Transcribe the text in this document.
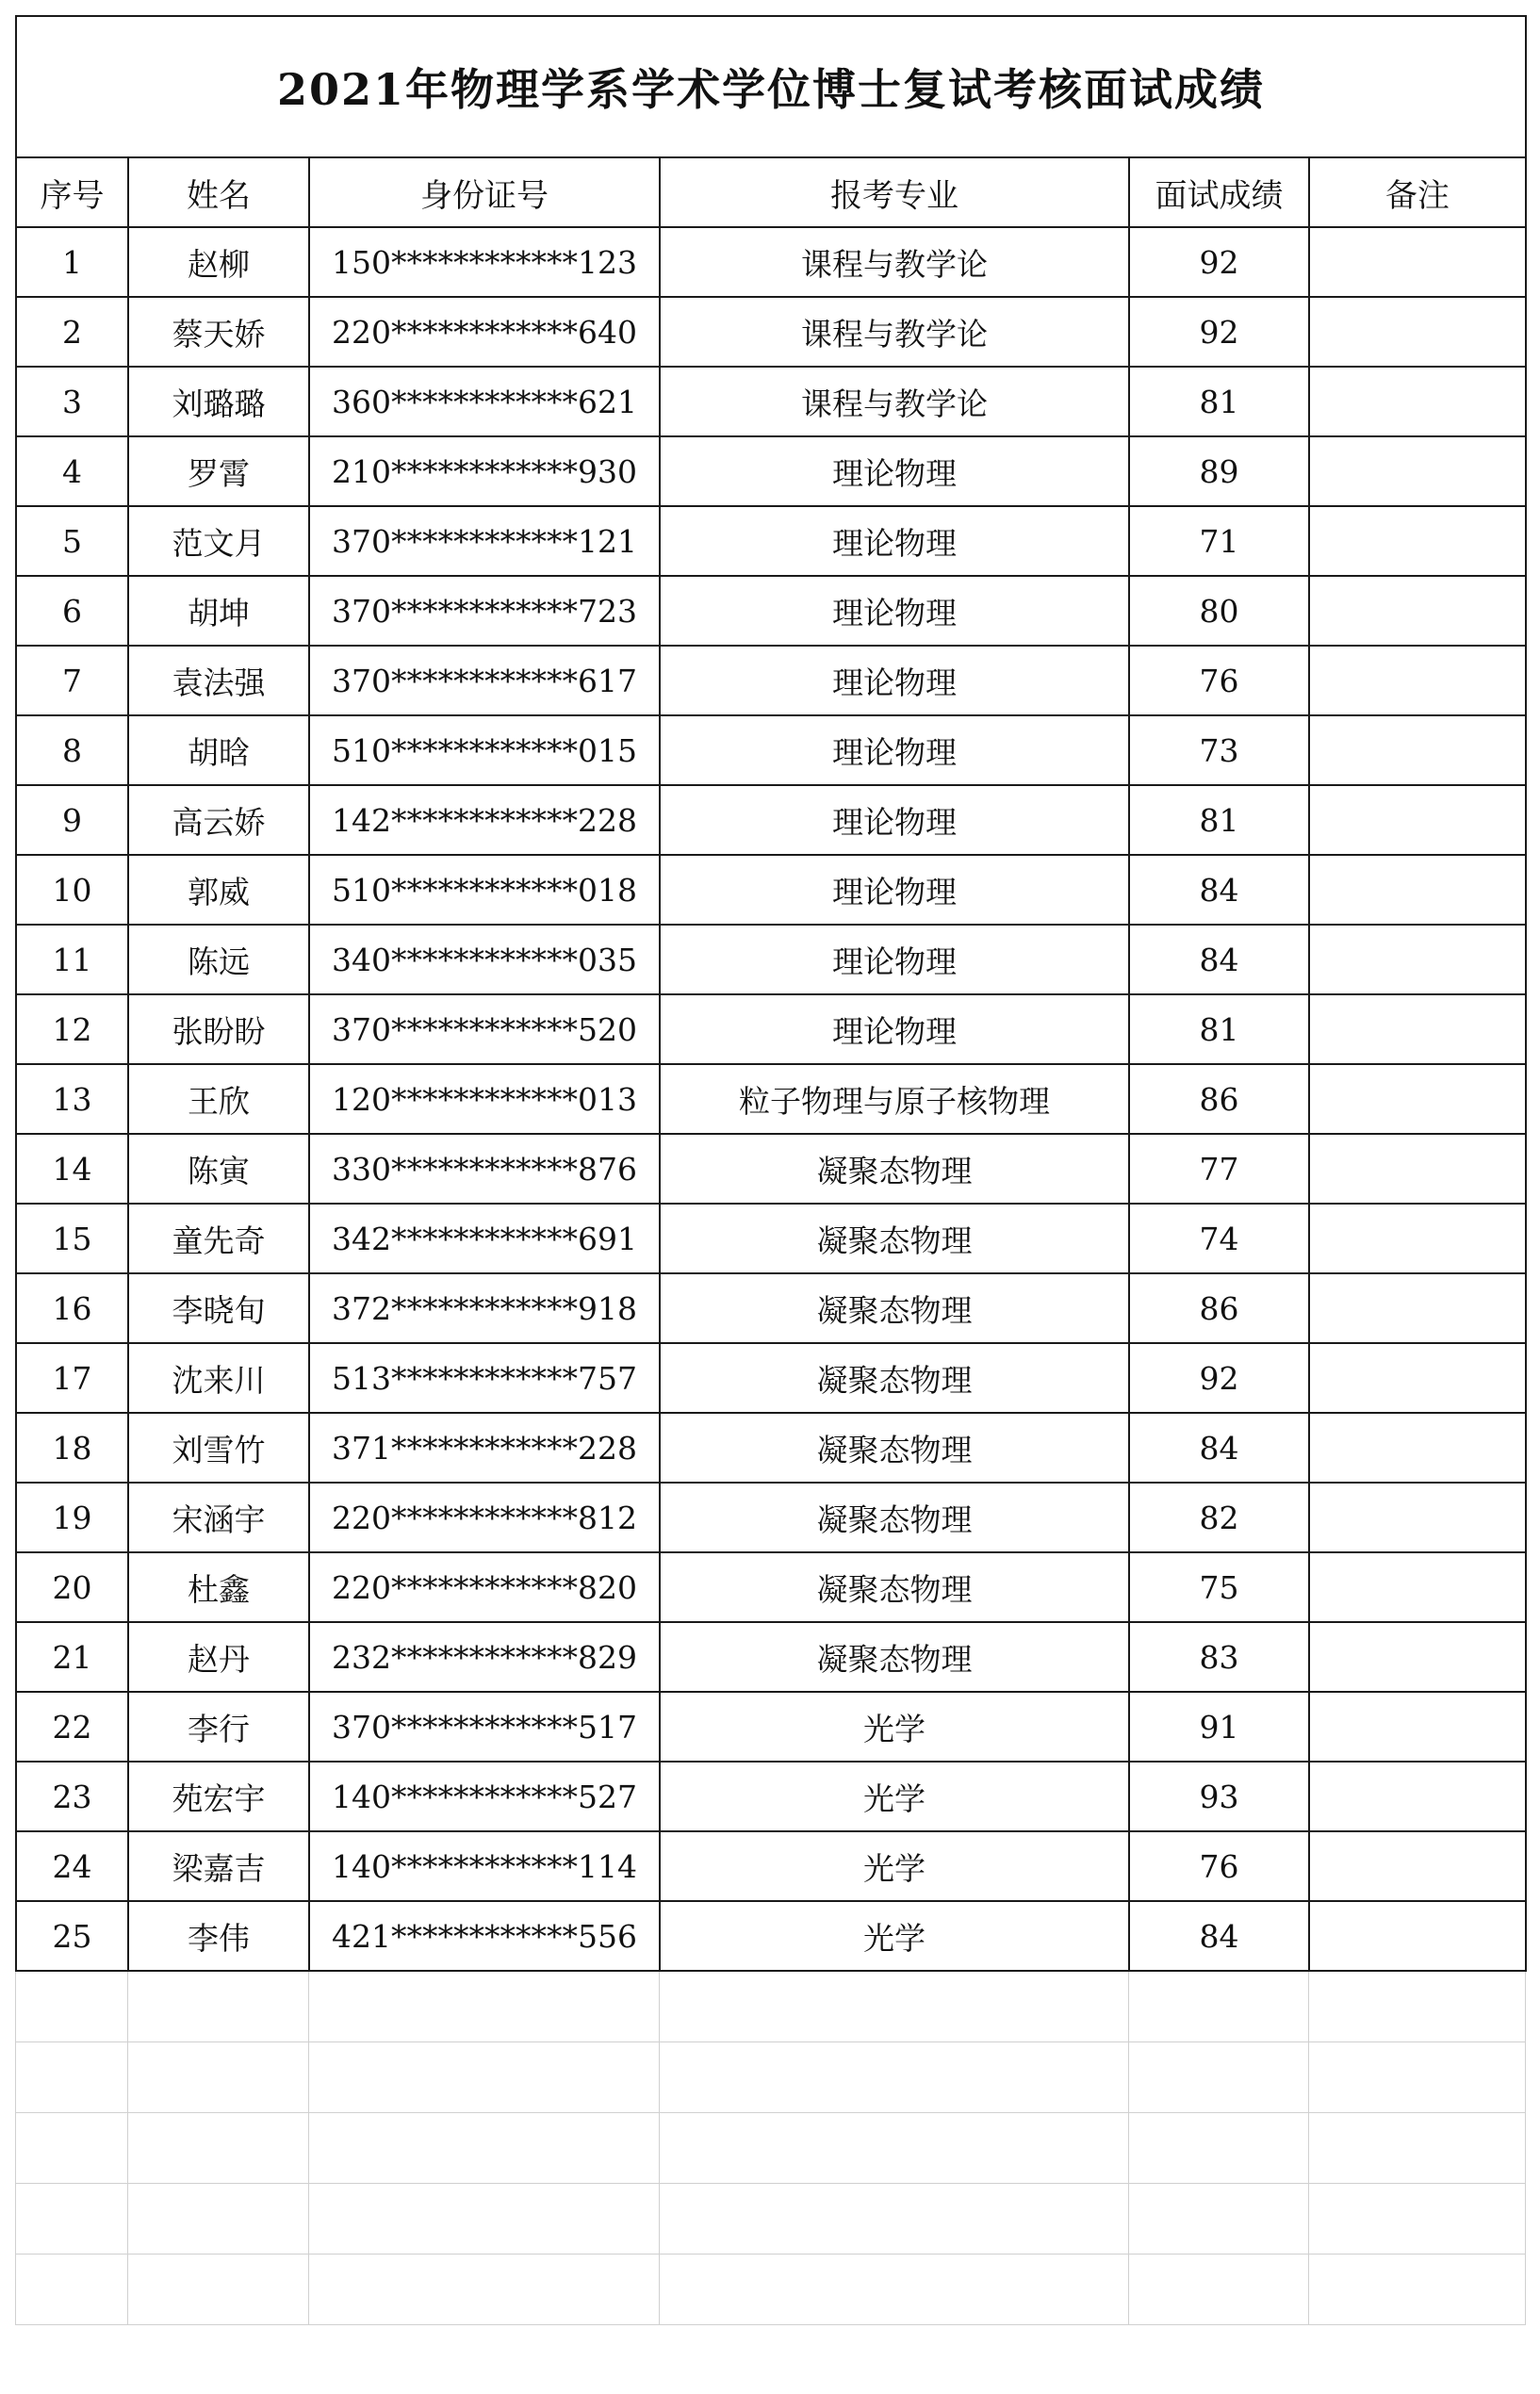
2021年物理学系学术学位博士复试考核面试成绩
序号	姓名	身份证号	报考专业	面试成绩	备注
1	赵柳	150************123	课程与教学论	92	
2	蔡天娇	220************640	课程与教学论	92	
3	刘璐璐	360************621	课程与教学论	81	
4	罗霄	210************930	理论物理	89	
5	范文月	370************121	理论物理	71	
6	胡坤	370************723	理论物理	80	
7	袁法强	370************617	理论物理	76	
8	胡晗	510************015	理论物理	73	
9	高云娇	142************228	理论物理	81	
10	郭威	510************018	理论物理	84	
11	陈远	340************035	理论物理	84	
12	张盼盼	370************520	理论物理	81	
13	王欣	120************013	粒子物理与原子核物理	86	
14	陈寅	330************876	凝聚态物理	77	
15	童先奇	342************691	凝聚态物理	74	
16	李晓旬	372************918	凝聚态物理	86	
17	沈来川	513************757	凝聚态物理	92	
18	刘雪竹	371************228	凝聚态物理	84	
19	宋涵宇	220************812	凝聚态物理	82	
20	杜鑫	220************820	凝聚态物理	75	
21	赵丹	232************829	凝聚态物理	83	
22	李行	370************517	光学	91	
23	苑宏宇	140************527	光学	93	
24	梁嘉吉	140************114	光学	76	
25	李伟	421************556	光学	84	
